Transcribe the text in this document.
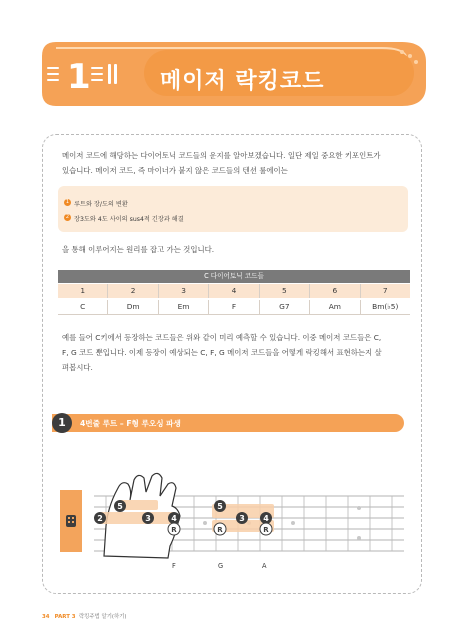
1	메이저 락킹코드
메이저 코드에 해당하는 다이어토닉 코드들의 운지를 알아보겠습니다. 일단 제일 중요한 키포인트가
있습니다. 메이저 코드, 즉 마이너가 붙지 않은 코드들의 텐션 룰에이는
1 루트와 장/도의 변환
2 장3도와 4도 사이의 sus4적 긴장과 해결
을 통해 이루어지는 원리를 잡고 가는 것입니다.
C 다이어토닉 코드들
1	2	3	4	5	6	7
C	Dm	Em	F	G7	Am	Bm(♭5)
예를 들어 C키에서 등장하는 코드들은 위와 같이 미리 예측할 수 있습니다. 이중 메이저 코드들은 C,
F, G 코드 뿐입니다. 이제 등장이 예상되는 C, F, G 메이저 코드들을 어떻게 락킹해서 표현하는지 살
펴봅시다.
1	4번줄 루트 – F형 루오싱 파생
5
2	3	4
R
5
3 4
R	R
F	G	A
34 PART 3 락킹주법 알기(하기)
